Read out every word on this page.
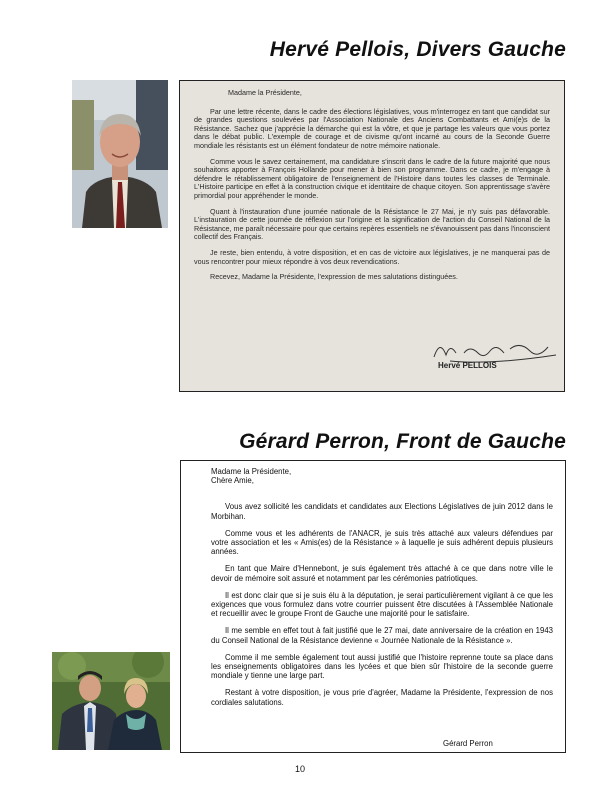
Hervé Pellois, Divers Gauche

Madame la Présidente,

Par une lettre récente, dans le cadre des élections législatives, vous m'interrogez en tant que candidat sur de grandes questions soulevées par l'Association Nationale des Anciens Combattants et Ami(e)s de la Résistance. Sachez que j'apprécie la démarche qui est la vôtre, et que je partage les valeurs que vous portez dans le débat public. L'exemple de courage et de civisme qu'ont incarné au cours de la Seconde Guerre mondiale les résistants est un élément fondateur de notre mémoire nationale.

Comme vous le savez certainement, ma candidature s'inscrit dans le cadre de la future majorité que nous souhaitons apporter à François Hollande pour mener à bien son programme. Dans ce cadre, je m'engage à défendre le rétablissement obligatoire de l'enseignement de l'Histoire dans toutes les classes de Terminale. L'Histoire participe en effet à la construction civique et identitaire de chaque citoyen. Son apprentissage s'avère primordial pour appréhender le monde.

Quant à l'instauration d'une journée nationale de la Résistance le 27 Mai, je n'y suis pas défavorable. L'instauration de cette journée de réflexion sur l'origine et la signification de l'action du Conseil National de la Résistance, me paraît nécessaire pour que certains repères essentiels ne s'évanouissent pas dans l'inconscient collectif des Français.

Je reste, bien entendu, à votre disposition, et en cas de victoire aux législatives, je ne manquerai pas de vous rencontrer pour mieux répondre à vos deux revendications.

Recevez, Madame la Présidente, l'expression de mes salutations distinguées.

Hervé PELLOIS
Gérard Perron, Front de Gauche

Madame la Présidente,

Chère Amie,

Vous avez sollicité les candidats et candidates aux Elections Législatives de juin 2012 dans le Morbihan.

Comme vous et les adhérents de l'ANACR, je suis très attaché aux valeurs défendues par votre association et les « Amis(es) de la Résistance » à laquelle je suis adhérent depuis plusieurs années.

En tant que Maire d'Hennebont, je suis également très attaché à ce que dans notre ville le devoir de mémoire soit assuré et notamment par les cérémonies patriotiques.

Il est donc clair que si je suis élu à la députation, je serai particulièrement vigilant à ce que les exigences que vous formulez dans votre courrier puissent être discutées à l'Assemblée Nationale et recueillir avec le groupe Front de Gauche une majorité pour le satisfaire.

Il me semble en effet tout à fait justifié que le 27 mai, date anniversaire de la création en 1943 du Conseil National de la Résistance devienne « Journée Nationale de la Résistance ».

Comme il me semble également tout aussi justifié que l'histoire reprenne toute sa place dans les enseignements obligatoires dans les lycées et que bien sûr l'histoire de la seconde guerre mondiale y tienne une large part.

Restant à votre disposition, je vous prie d'agréer, Madame la Présidente, l'expression de nos cordiales salutations.

Gérard Perron
10
